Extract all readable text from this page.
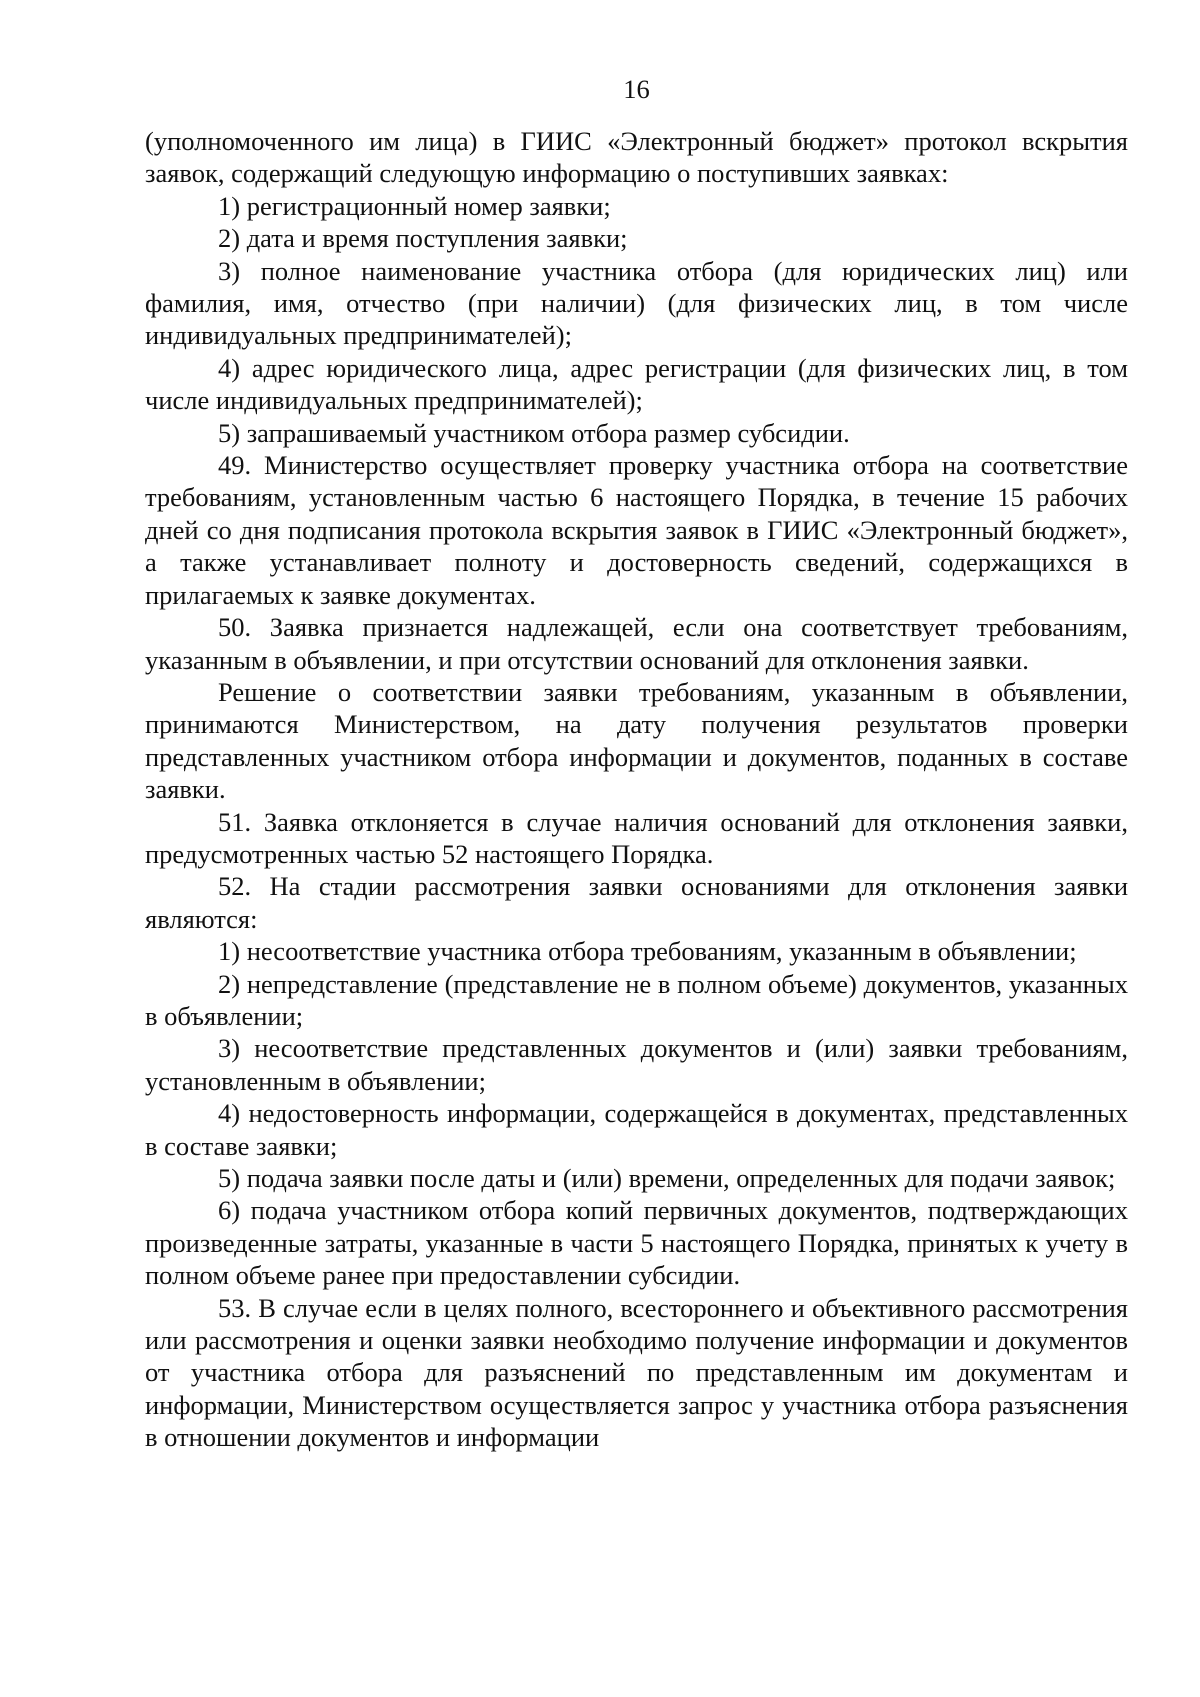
16

(уполномоченного им лица) в ГИИС «Электронный бюджет» протокол вскрытия заявок, содержащий следующую информацию о поступивших заявках:

1) регистрационный номер заявки;

2) дата и время поступления заявки;

3) полное наименование участника отбора (для юридических лиц) или фамилия, имя, отчество (при наличии) (для физических лиц, в том числе индивидуальных предпринимателей);

4) адрес юридического лица, адрес регистрации (для физических лиц, в том числе индивидуальных предпринимателей);

5) запрашиваемый участником отбора размер субсидии.

49. Министерство осуществляет проверку участника отбора на соответствие требованиям, установленным частью 6 настоящего Порядка, в течение 15 рабочих дней со дня подписания протокола вскрытия заявок в ГИИС «Электронный бюджет», а также устанавливает полноту и достоверность сведений, содержащихся в прилагаемых к заявке документах.

50. Заявка признается надлежащей, если она соответствует требованиям, указанным в объявлении, и при отсутствии оснований для отклонения заявки.

Решение о соответствии заявки требованиям, указанным в объявлении, принимаются Министерством, на дату получения результатов проверки представленных участником отбора информации и документов, поданных в составе заявки.

51. Заявка отклоняется в случае наличия оснований для отклонения заявки, предусмотренных частью 52 настоящего Порядка.

52. На стадии рассмотрения заявки основаниями для отклонения заявки являются:

1) несоответствие участника отбора требованиям, указанным в объявлении;

2) непредставление (представление не в полном объеме) документов, указанных в объявлении;

3) несоответствие представленных документов и (или) заявки требованиям, установленным в объявлении;

4) недостоверность информации, содержащейся в документах, представленных в составе заявки;

5) подача заявки после даты и (или) времени, определенных для подачи заявок;

6) подача участником отбора копий первичных документов, подтверждающих произведенные затраты, указанные в части 5 настоящего Порядка, принятых к учету в полном объеме ранее при предоставлении субсидии.

53. В случае если в целях полного, всестороннего и объективного рассмотрения или рассмотрения и оценки заявки необходимо получение информации и документов от участника отбора для разъяснений по представленным им документам и информации, Министерством осуществляется запрос у участника отбора разъяснения в отношении документов и информации
